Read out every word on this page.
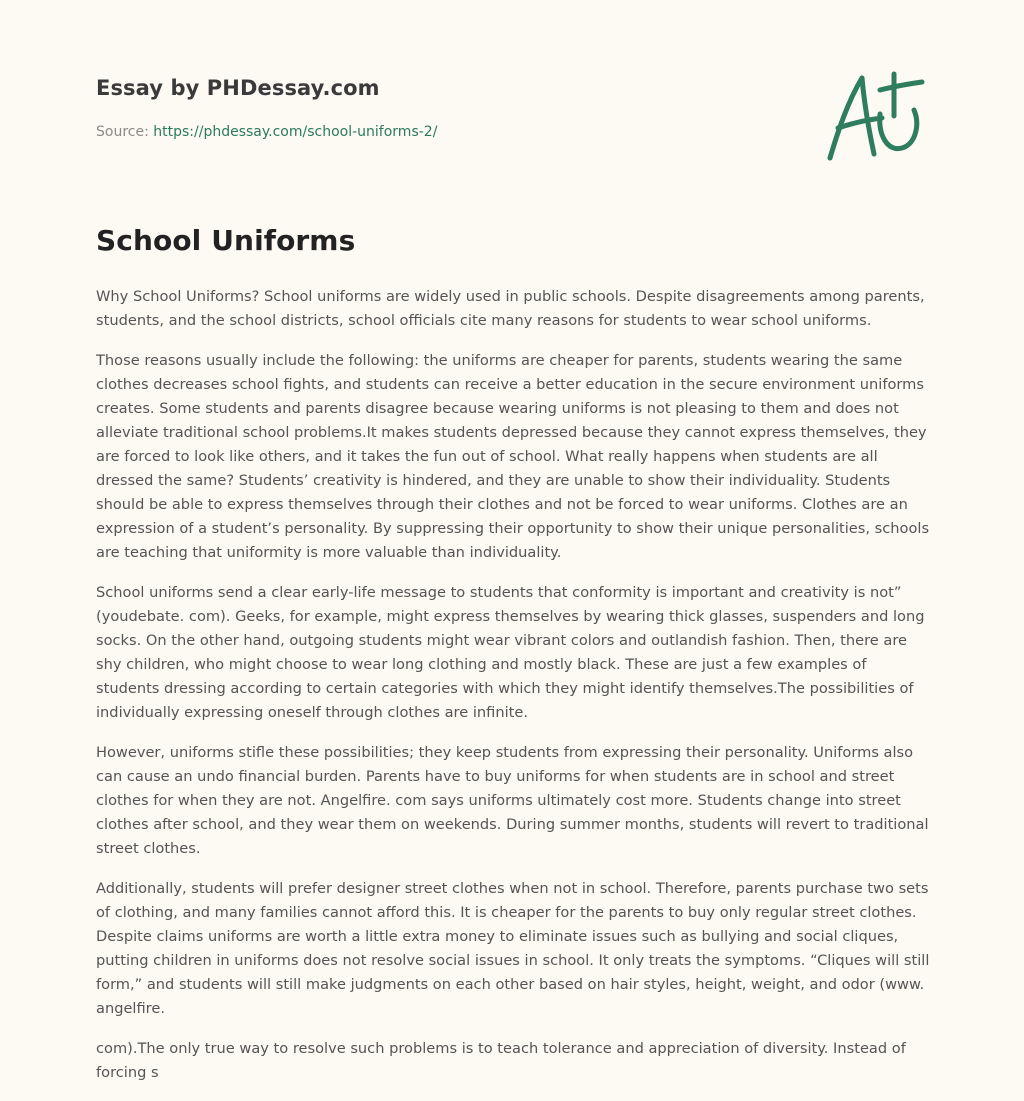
Essay by PHDessay.com
Source: https://phdessay.com/school-uniforms-2/
School Uniforms

Why School Uniforms? School uniforms are widely used in public schools. Despite disagreements among parents, students, and the school districts, school officials cite many reasons for students to wear school uniforms.

Those reasons usually include the following: the uniforms are cheaper for parents, students wearing the same clothes decreases school fights, and students can receive a better education in the secure environment uniforms creates. Some students and parents disagree because wearing uniforms is not pleasing to them and does not alleviate traditional school problems.It makes students depressed because they cannot express themselves, they are forced to look like others, and it takes the fun out of school. What really happens when students are all dressed the same? Students’ creativity is hindered, and they are unable to show their individuality. Students should be able to express themselves through their clothes and not be forced to wear uniforms. Clothes are an expression of a student’s personality. By suppressing their opportunity to show their unique personalities, schools are teaching that uniformity is more valuable than individuality.

School uniforms send a clear early-life message to students that conformity is important and creativity is not” (youdebate. com). Geeks, for example, might express themselves by wearing thick glasses, suspenders and long socks. On the other hand, outgoing students might wear vibrant colors and outlandish fashion. Then, there are shy children, who might choose to wear long clothing and mostly black. These are just a few examples of students dressing according to certain categories with which they might identify themselves.The possibilities of individually expressing oneself through clothes are infinite.

However, uniforms stifle these possibilities; they keep students from expressing their personality. Uniforms also can cause an undo financial burden. Parents have to buy uniforms for when students are in school and street clothes for when they are not. Angelfire. com says uniforms ultimately cost more. Students change into street clothes after school, and they wear them on weekends. During summer months, students will revert to traditional street clothes.

Additionally, students will prefer designer street clothes when not in school. Therefore, parents purchase two sets of clothing, and many families cannot afford this. It is cheaper for the parents to buy only regular street clothes. Despite claims uniforms are worth a little extra money to eliminate issues such as bullying and social cliques, putting children in uniforms does not resolve social issues in school. It only treats the symptoms. “Cliques will still form,” and students will still make judgments on each other based on hair styles, height, weight, and odor (www. angelfire.

com).The only true way to resolve such problems is to teach tolerance and appreciation of diversity. Instead of forcing s
